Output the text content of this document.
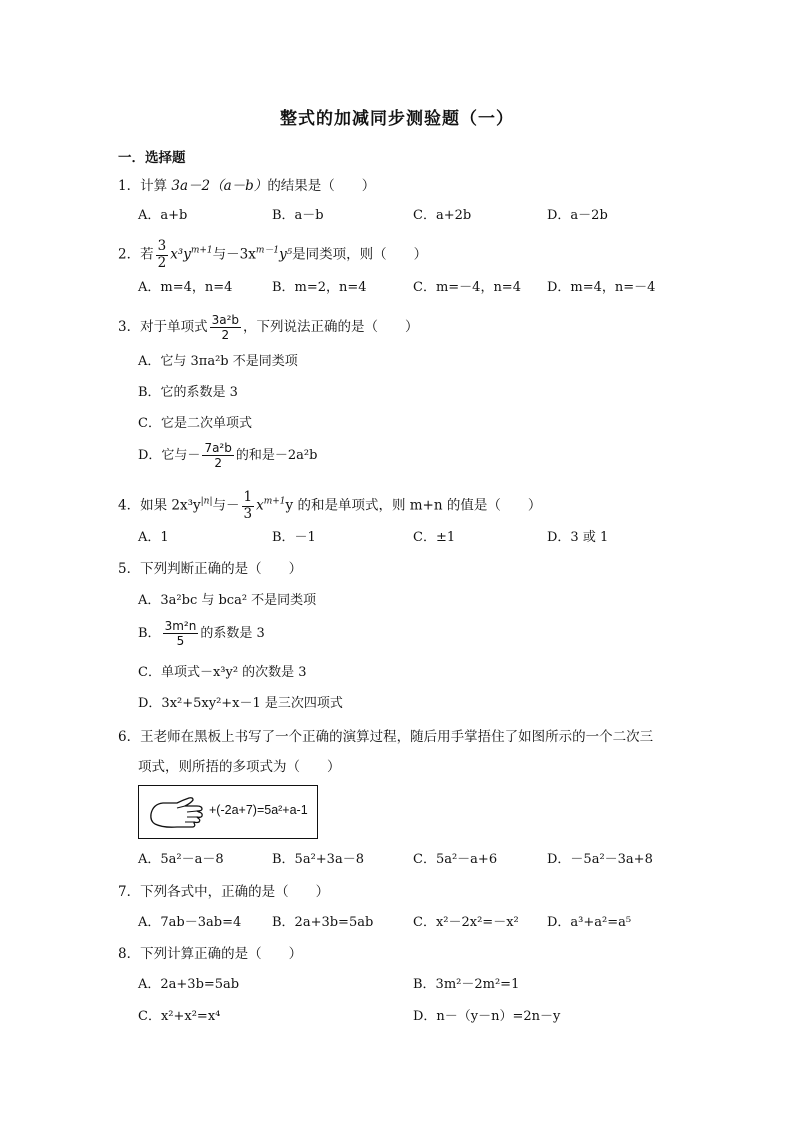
整式的加减同步测验题（一）
一．选择题
1．计算 3a－2（a－b）的结果是（　　）
A．a+b	B．a－b	C．a+2b	D．a－2b
2．若 $\frac{3}{2} x^3y^{m+1}$与$-3x^{m-1}y^5$是同类项，则（　　）
A．m=4，n=4	B．m=2，n=4	C．m=－4，n=4 D．m=4，n=－4
3．对于单项式 $\frac{\text{3a²b}}{2}$ ，下列说法正确的是（　　）
A．它与 3πa²b 不是同类项
B．它的系数是 3
C．它是二次单项式
D．它与－ $\frac{\text{7a²b}}{2}$ 的和是－2a²b
4．如果 $2x^3y^{|n|}$与－ $\frac{1}{3} x^{m+1}y$ 的和是单项式，则 m+n 的值是（　　）
A．1	B．－1	C．±1	D．3 或 1
5．下列判断正确的是（　　）
A．3a²bc 与 bca² 不是同类项
B． $\frac{\text{3m²n}}{5}$ 的系数是 3
C．单项式－x³y² 的次数是 3
D．3x²+5xy²+x－1 是三次四项式
6．王老师在黑板上书写了一个正确的演算过程，随后用手掌捂住了如图所示的一个二次三
项式，则所捂的多项式为（　　）
+(-2a+7)=5a²+a-1
A．5a²－a－8	B．5a²+3a－8	C．5a²－a+6	D．－5a²－3a+8
7．下列各式中，正确的是（　　）
A．7ab－3ab=4 B．2a+3b=5ab	C．x²－2x²=－x² D．a³+a²=a⁵
8．下列计算正确的是（　　）
A．2a+3b=5ab	B．3m²－2m²=1
C．x²+x²=x⁴	D．n－（y－n）=2n－y
